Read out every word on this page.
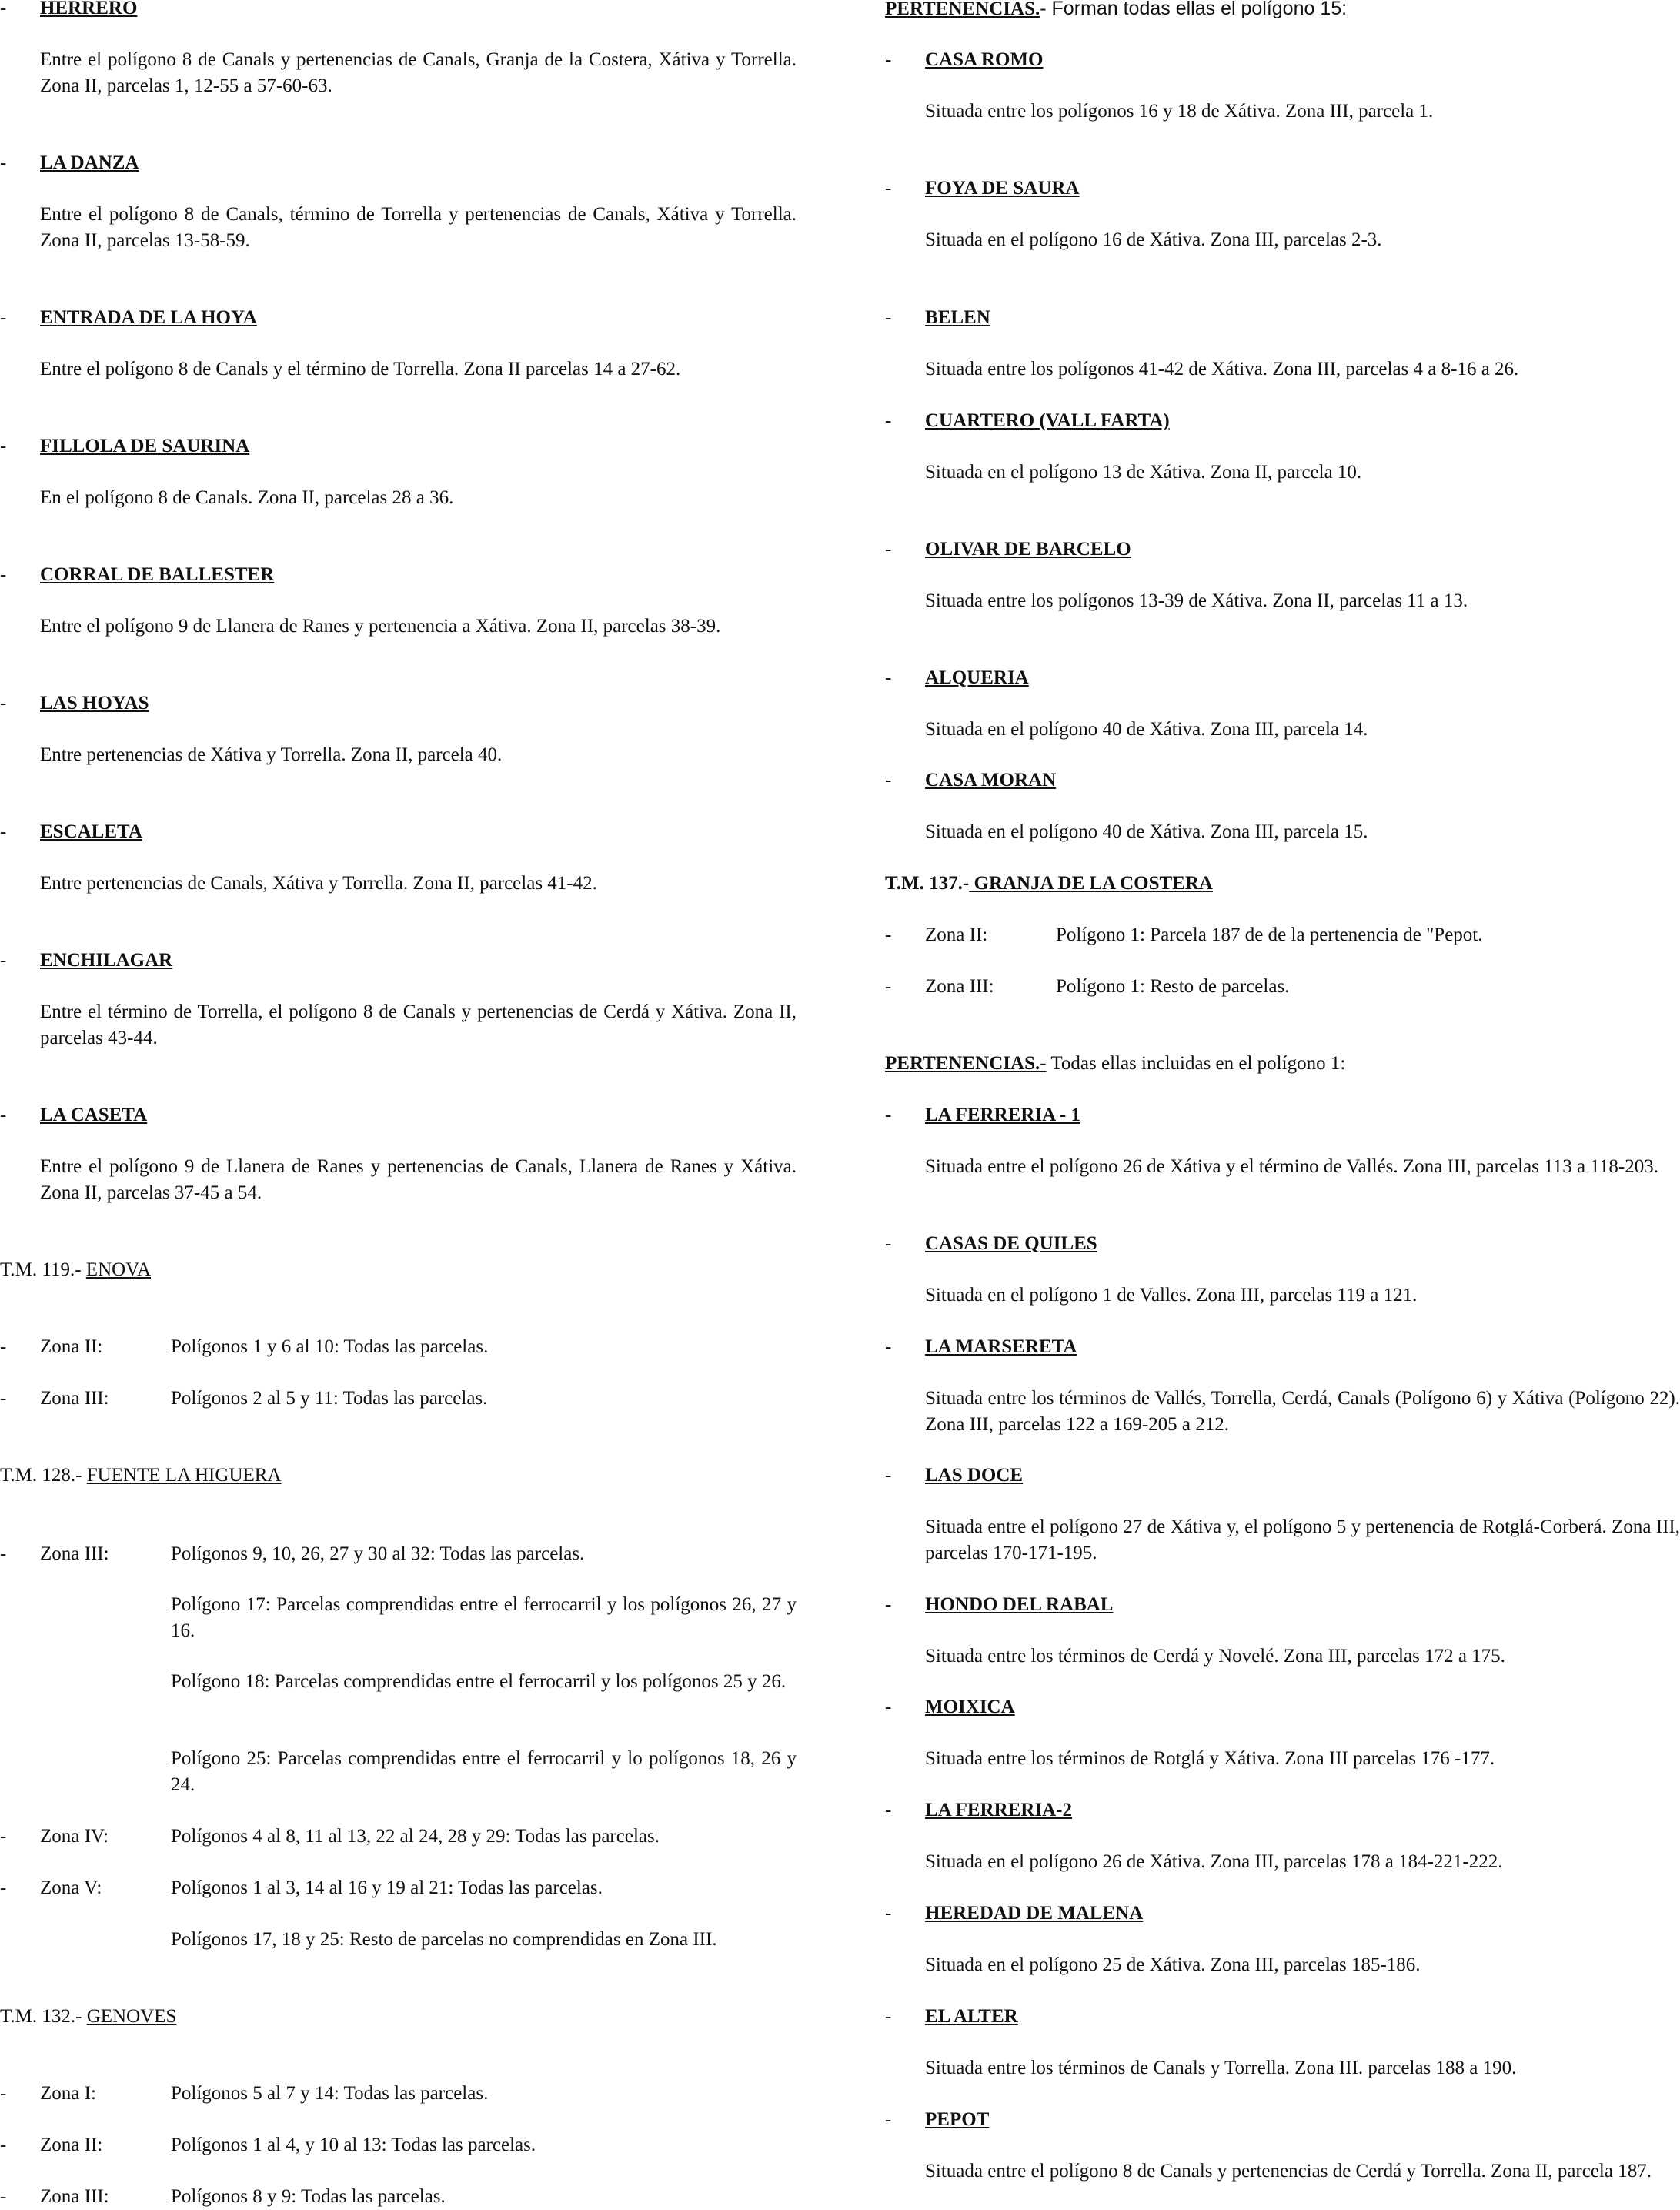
- HERRERO
Entre el polígono 8 de Canals y pertenencias de Canals, Granja de la Costera, Xátiva y Torrella. Zona II, parcelas 1, 12-55 a 57-60-63.
- LA DANZA
Entre el polígono 8 de Canals, término de Torrella y pertenencias de Canals, Xátiva y Torrella. Zona II, parcelas 13-58-59.
- ENTRADA DE LA HOYA
Entre el polígono 8 de Canals y el término de Torrella. Zona II parcelas 14 a 27-62.
- FILLOLA DE SAURINA
En el polígono 8 de Canals. Zona II, parcelas 28 a 36.
- CORRAL DE BALLESTER
Entre el polígono 9 de Llanera de Ranes y pertenencia a Xátiva. Zona II, parcelas 38-39.
- LAS HOYAS
Entre pertenencias de Xátiva y Torrella. Zona II, parcela 40.
- ESCALETA
Entre pertenencias de Canals, Xátiva y Torrella. Zona II, parcelas 41-42.
- ENCHILAGAR
Entre el término de Torrella, el polígono 8 de Canals y pertenencias de Cerdá y Xátiva. Zona II, parcelas 43-44.
- LA CASETA
Entre el polígono 9 de Llanera de Ranes y pertenencias de Canals, Llanera de Ranes y Xátiva. Zona II, parcelas 37-45 a 54.
T.M. 119.- ENOVA
- Zona II:	Polígonos 1 y 6 al 10: Todas las parcelas.
- Zona III:	Polígonos 2 al 5 y 11: Todas las parcelas.
T.M. 128.- FUENTE LA HIGUERA
- Zona III:	Polígonos 9, 10, 26, 27 y 30 al 32: Todas las parcelas.
Polígono 17: Parcelas comprendidas entre el ferrocarril y los polígonos 26, 27 y 16.
Polígono 18: Parcelas comprendidas entre el ferrocarril y los polígonos 25 y 26.
Polígono 25: Parcelas comprendidas entre el ferrocarril y lo polígonos 18, 26 y 24.
- Zona IV:	Polígonos 4 al 8, 11 al 13, 22 al 24, 28 y 29: Todas las parcelas.
- Zona V:	Polígonos 1 al 3, 14 al 16 y 19 al 21: Todas las parcelas.
Polígonos 17, 18 y 25: Resto de parcelas no comprendidas en Zona III.
T.M. 132.- GENOVES
- Zona I:	Polígonos 5 al 7 y 14: Todas las parcelas.
- Zona II:	Polígonos 1 al 4, y 10 al 13: Todas las parcelas.
- Zona III:	Polígonos 8 y 9: Todas las parcelas.
PERTENENCIAS.- Forman todas ellas el polígono 15:
- CASA ROMO
Situada entre los polígonos 16 y 18 de Xátiva. Zona III, parcela 1.
- FOYA DE SAURA
Situada en el polígono 16 de Xátiva. Zona III, parcelas 2-3.
- BELEN
Situada entre los polígonos 41-42 de Xátiva. Zona III, parcelas 4 a 8-16 a 26.
- CUARTERO (VALL FARTA)
Situada en el polígono 13 de Xátiva. Zona II, parcela 10.
- OLIVAR DE BARCELO
Situada entre los polígonos 13-39 de Xátiva. Zona II, parcelas 11 a 13.
- ALQUERIA
Situada en el polígono 40 de Xátiva. Zona III, parcela 14.
- CASA MORAN
Situada en el polígono 40 de Xátiva. Zona III, parcela 15.
T.M. 137.- GRANJA DE LA COSTERA
- Zona II:	Polígono 1: Parcela 187 de de la pertenencia de "Pepot.
- Zona III:	Polígono 1: Resto de parcelas.
PERTENENCIAS.- Todas ellas incluidas en el polígono 1:
- LA FERRERIA - 1
Situada entre el polígono 26 de Xátiva y el término de Vallés. Zona III, parcelas 113 a 118-203.
- CASAS DE QUILES
Situada en el polígono 1 de Valles. Zona III, parcelas 119 a 121.
- LA MARSERETA
Situada entre los términos de Vallés, Torrella, Cerdá, Canals (Polígono 6) y Xátiva (Polígono 22). Zona III, parcelas 122 a 169-205 a 212.
- LAS DOCE
Situada entre el polígono 27 de Xátiva y, el polígono 5 y pertenencia de Rotglá-Corberá. Zona III, parcelas 170-171-195.
- HONDO DEL RABAL
Situada entre los términos de Cerdá y Novelé. Zona III, parcelas 172 a 175.
- MOIXICA
Situada entre los términos de Rotglá y Xátiva. Zona III parcelas 176 -177.
- LA FERRERIA-2
Situada en el polígono 26 de Xátiva. Zona III, parcelas 178 a 184-221-222.
- HEREDAD DE MALENA
Situada en el polígono 25 de Xátiva. Zona III, parcelas 185-186.
- EL ALTER
Situada entre los términos de Canals y Torrella. Zona III. parcelas 188 a 190.
- PEPOT
Situada entre el polígono 8 de Canals y pertenencias de Cerdá y Torrella. Zona II, parcela 187.
